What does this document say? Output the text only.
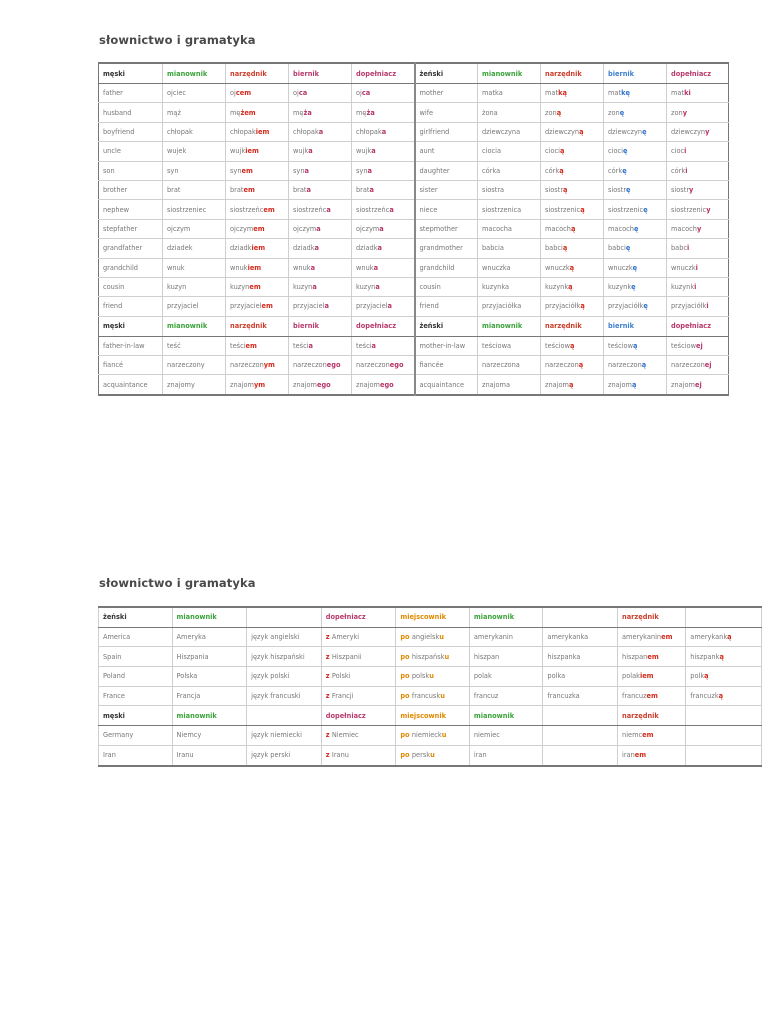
słownictwo i gramatyka
męski	mianownik	narzędnik	biernik	dopełniacz	żeński	mianownik	narzędnik	biernik	dopełniacz
father	ojciec	ojcem	ojca	ojca	mother	matka	matką	matkę	matki
husband	mąż	mężem	męża	męża	wife	żona	zoną	zonę	zony
boyfriend	chłopak	chłopakiem	chłopaka	chłopaka	girlfriend	dziewczyna	dziewczyną	dziewczynę	dziewczyny
uncle	wujek	wujkiem	wujka	wujka	aunt	ciocia	ciocią	ciocię	cioci
son	syn	synem	syna	syna	daughter	córka	córką	córkę	córki
brother	brat	bratem	brata	brata	sister	siostra	siostrą	siostrę	siostry
nephew	siostrzeniec	siostrzeńcem	siostrzeńca	siostrzeńca	niece	siostrzenica	siostrzenicą	siostrzenicę	siostrzenicy
stepfather	ojczym	ojczymem	ojczyma	ojczyma	stepmother	macocha	macochą	macochę	macochy
grandfather	dziadek	dziadkiem	dziadka	dziadka	grandmother	babcia	babcią	babcię	babci
grandchild	wnuk	wnukiem	wnuka	wnuka	grandchild	wnuczka	wnuczką	wnuczkę	wnuczki
cousin	kuzyn	kuzynem	kuzyna	kuzyna	cousin	kuzynka	kuzynką	kuzynkę	kuzynki
friend	przyjaciel	przyjacielem	przyjaciela	przyjaciela	friend	przyjaciółka	przyjaciółką	przyjaciółkę	przyjaciółki
męski	mianownik	narzędnik	biernik	dopełniacz	żeński	mianownik	narzędnik	biernik	dopełniacz
father-in-law	teść	teściem	teścia	teścia	mother-in-law	teściowa	teściową	teściową	teściowej
fiancé	narzeczony	narzeczonym	narzeczonego	narzeczonego	fiancée	narzeczona	narzeczoną	narzeczoną	narzeczonej
acquaintance	znajomy	znajomym	znajomego	znajomego	acquaintance	znajoma	znajomą	znajomą	znajomej
słownictwo i gramatyka
żeński	mianownik		dopełniacz	miejscownik	mianownik		narzędnik	
America	Ameryka	język angielski	z Ameryki	po angielsku	amerykanin	amerykanka	amerykaninem	amerykanką
Spain	Hiszpania	język hiszpański	z Hiszpanii	po hiszpańsku	hiszpan	hiszpanka	hiszpanem	hiszpanką
Poland	Polska	język polski	z Polski	po polsku	polak	polka	polakiem	polką
France	Francja	język francuski	z Francji	po francusku	francuz	francuzka	francuzem	francuzką
męski	mianownik		dopełniacz	miejscownik	mianownik		narzędnik	
Germany	Niemcy	język niemiecki	z Niemiec	po niemiecku	niemiec		niemcem	
Iran	Iranu	język perski	z Iranu	po persku	iran		iranem	
